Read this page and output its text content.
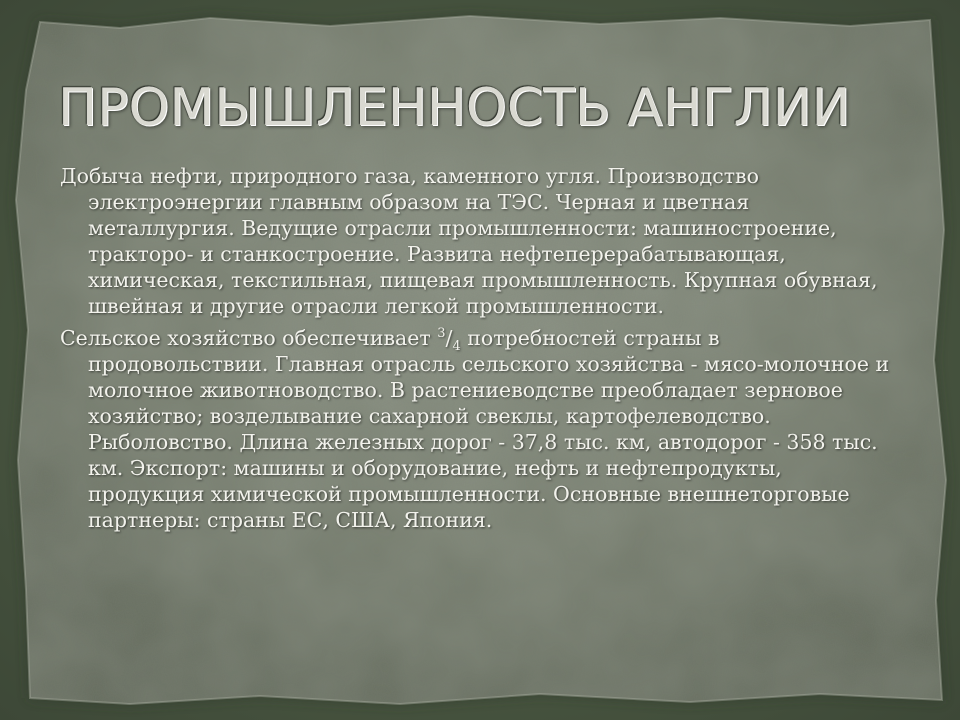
ПРОМЫШЛЕННОСТЬ АНГЛИИ

Добыча нефти, природного газа, каменного угля. Производство электроэнергии главным образом на ТЭС. Черная и цветная металлургия. Ведущие отрасли промышленности: машиностроение, тракторо- и станкостроение. Развита нефтеперерабатывающая, химическая, текстильная, пищевая промышленность. Крупная обувная, швейная и другие отрасли легкой промышленности.

Сельское хозяйство обеспечивает $^3/_4$ потребностей страны в продовольствии. Главная отрасль сельского хозяйства - мясо-молочное и молочное животноводство. В растениеводстве преобладает зерновое хозяйство; возделывание сахарной свеклы, картофелеводство. Рыболовство. Длина железных дорог - 37,8 тыс. км, автодорог - 358 тыс. км. Экспорт: машины и оборудование, нефть и нефтепродукты, продукция химической промышленности. Основные внешнеторговые партнеры: страны ЕС, США, Япония.
